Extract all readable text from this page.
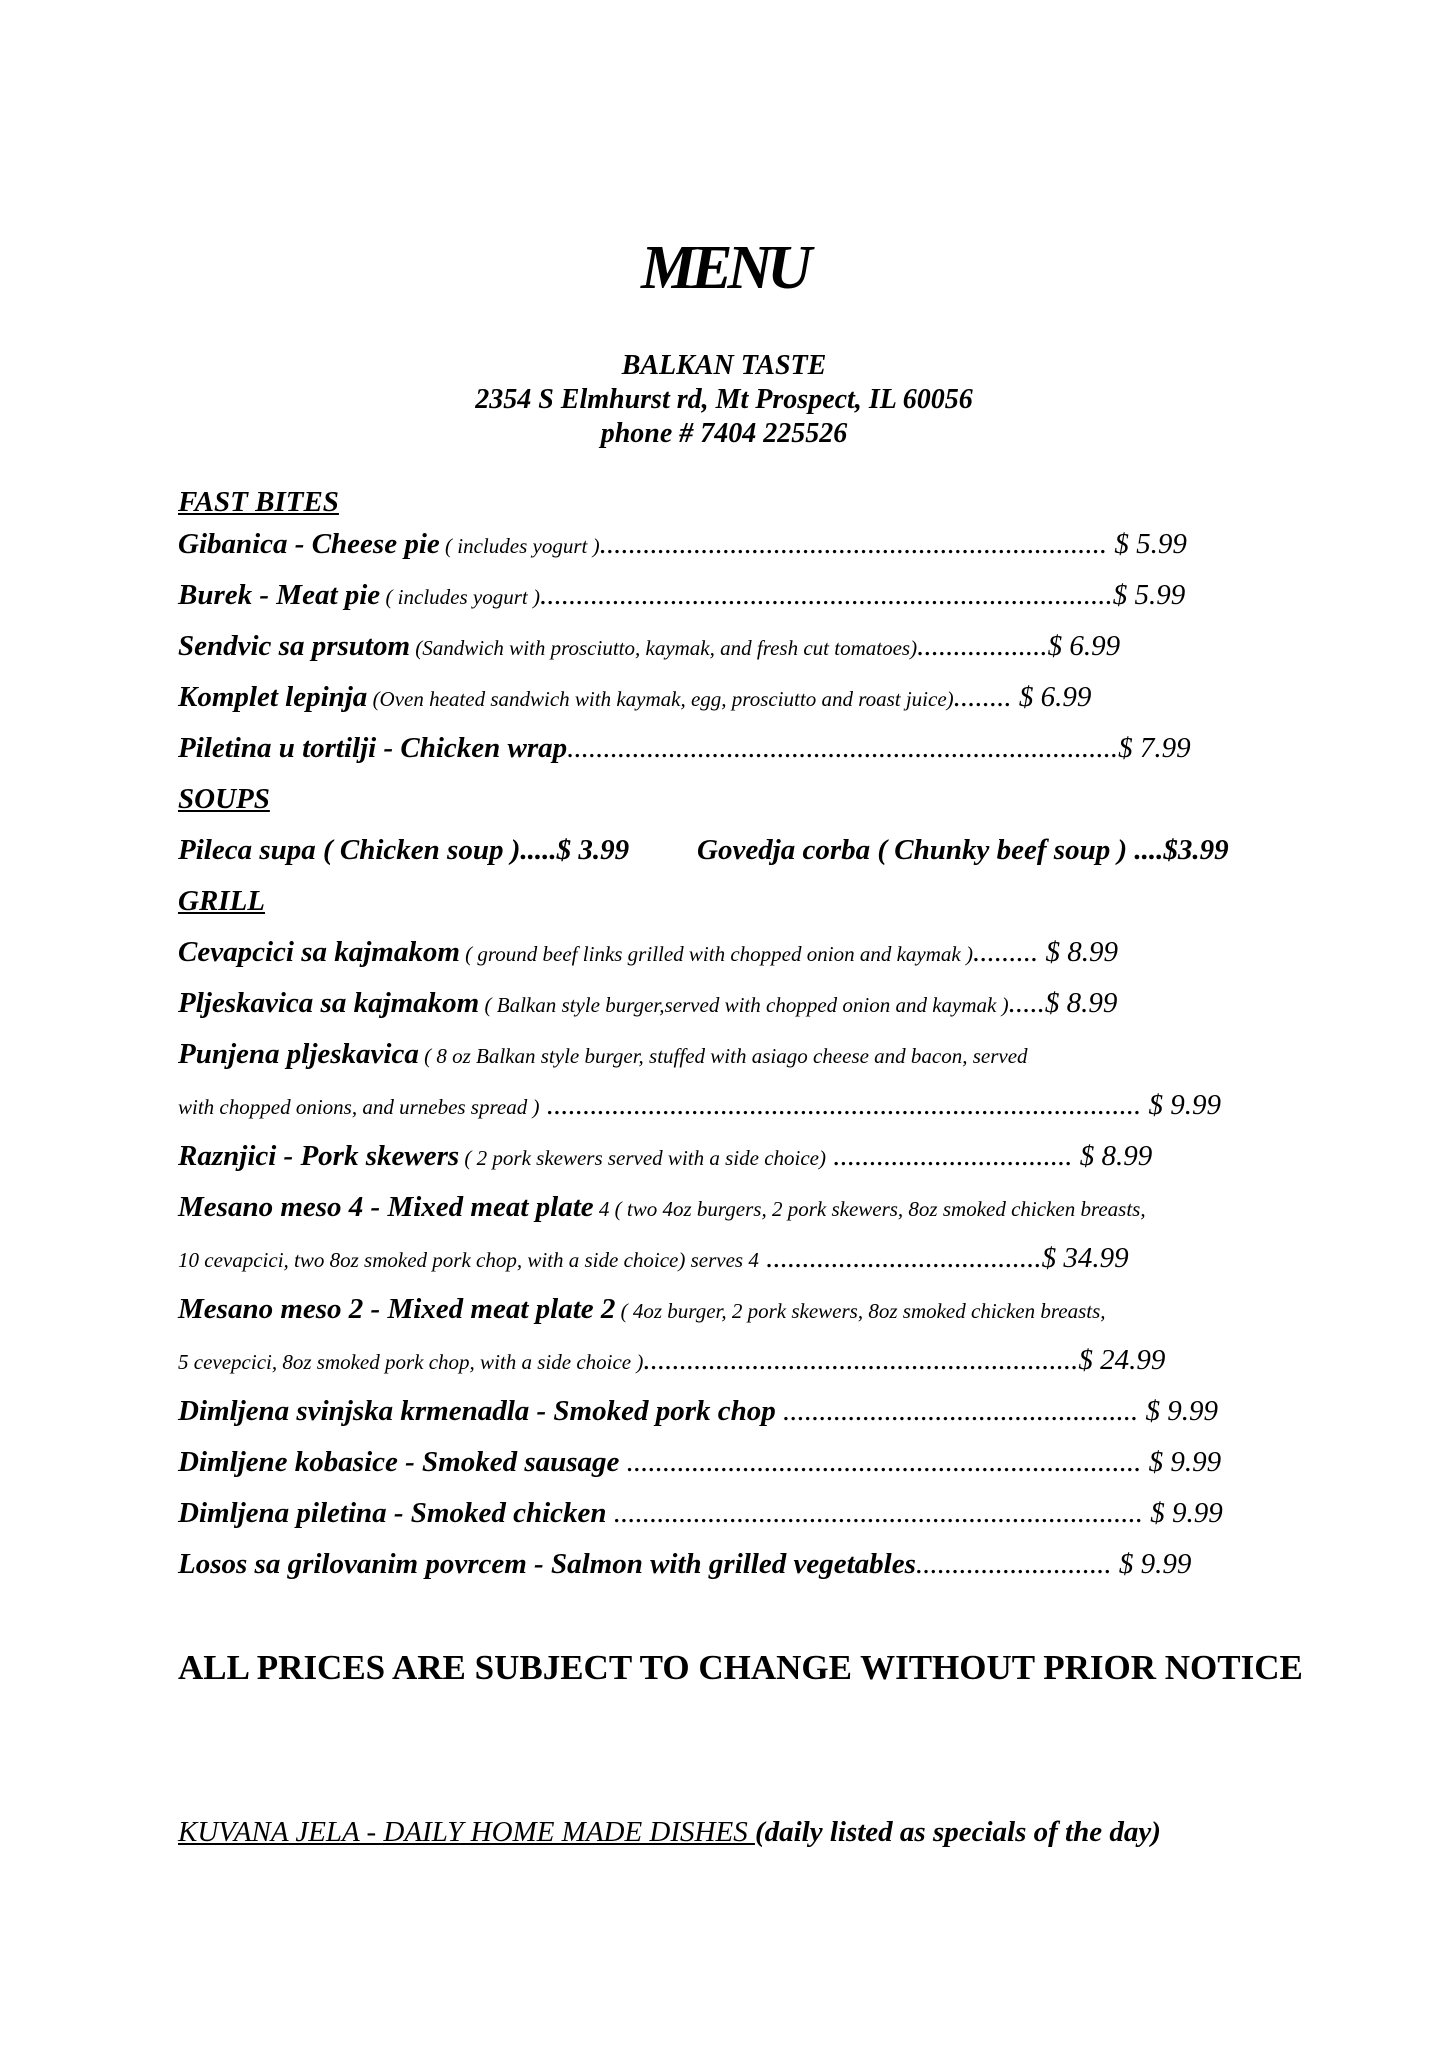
MENU
BALKAN TASTE
2354 S Elmhurst rd, Mt Prospect, IL 60056
phone # 7404 225526
FAST BITES
Gibanica - Cheese pie ( includes yogurt )...................................................................... $ 5.99
Burek - Meat pie ( includes yogurt )...............................................................................$ 5.99
Sendvic sa prsutom (Sandwich with prosciutto, kaymak, and fresh cut tomatoes)..................$ 6.99
Komplet lepinja (Oven heated sandwich with kaymak, egg, prosciutto and roast juice)........ $ 6.99
Piletina u tortilji - Chicken wrap............................................................................$ 7.99
SOUPS
Pileca supa ( Chicken soup ).....$ 3.99 Govedja corba ( Chunky beef soup ) ....$3.99
GRILL
Cevapcici sa kajmakom ( ground beef links grilled with chopped onion and kaymak )......... $ 8.99
Pljeskavica sa kajmakom ( Balkan style burger,served with chopped onion and kaymak ).....$ 8.99
Punjena pljeskavica ( 8 oz Balkan style burger, stuffed with asiago cheese and bacon, served
with chopped onions, and urnebes spread ) .................................................................................. $ 9.99
Raznjici - Pork skewers ( 2 pork skewers served with a side choice) ................................. $ 8.99
Mesano meso 4 - Mixed meat plate 4 ( two 4oz burgers, 2 pork skewers, 8oz smoked chicken breasts,
10 cevapcici, two 8oz smoked pork chop, with a side choice) serves 4 ......................................$ 34.99
Mesano meso 2 - Mixed meat plate 2 ( 4oz burger, 2 pork skewers, 8oz smoked chicken breasts,
5 cevepcici, 8oz smoked pork chop, with a side choice )............................................................$ 24.99
Dimljena svinjska krmenadla - Smoked pork chop ................................................. $ 9.99
Dimljene kobasice - Smoked sausage ....................................................................... $ 9.99
Dimljena piletina - Smoked chicken ......................................................................... $ 9.99
Losos sa grilovanim povrcem - Salmon with grilled vegetables........................... $ 9.99
ALL PRICES ARE SUBJECT TO CHANGE WITHOUT PRIOR NOTICE
KUVANA JELA - DAILY HOME MADE DISHES (daily listed as specials of the day)
